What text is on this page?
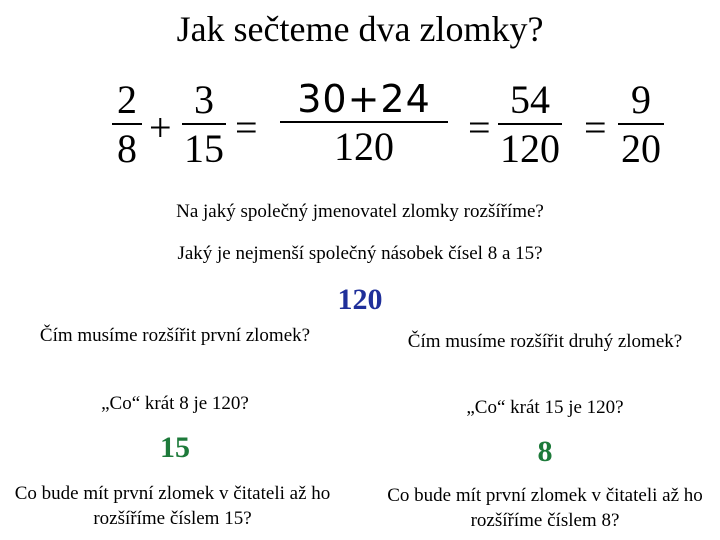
Jak sečteme dva zlomky?
2
8 +
3
15 =
30+24
120 =
54
120 =
9
20
Na jaký společný jmenovatel zlomky rozšíříme?
Jaký je nejmenší společný násobek čísel 8 a 15?
120
Čím musíme rozšířit první zlomek?
„Co“ krát 8 je 120?
15
Co bude mít první zlomek v čitateli až ho rozšíříme číslem 15?
Čím musíme rozšířit druhý zlomek?
„Co“ krát 15 je 120?
8
Co bude mít první zlomek v čitateli až ho rozšíříme číslem 8?
